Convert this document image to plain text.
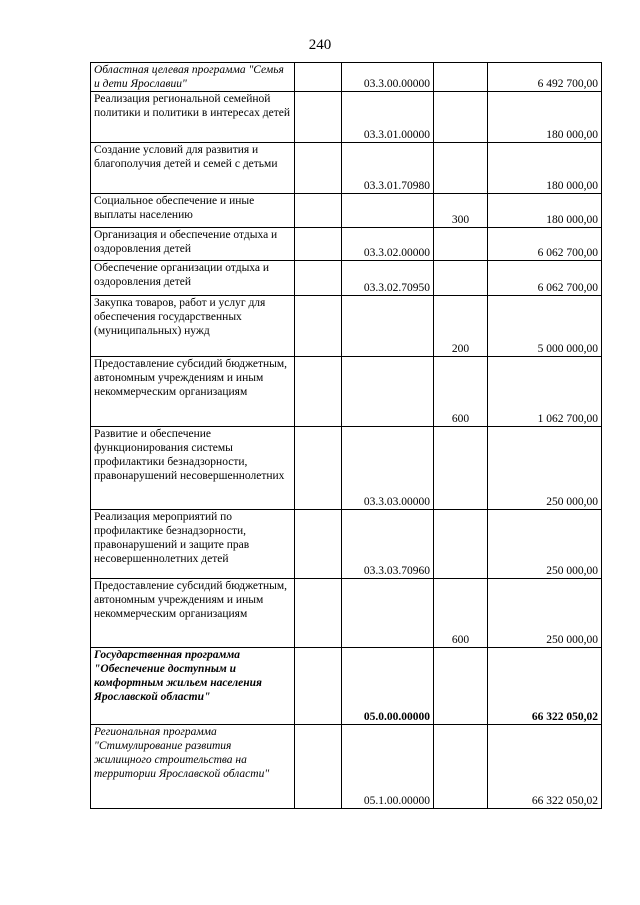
240
Областная целевая программа "Семья и дети Ярославии"		03.3.00.00000		6 492 700,00
Реализация региональной семейной политики и политики в интересах детей		03.3.01.00000		180 000,00
Создание условий для развития и благополучия детей и семей с детьми		03.3.01.70980		180 000,00
Социальное обеспечение и иные выплаты населению			300	180 000,00
Организация и обеспечение отдыха и оздоровления детей		03.3.02.00000		6 062 700,00
Обеспечение организации отдыха и оздоровления детей		03.3.02.70950		6 062 700,00
Закупка товаров, работ и услуг для обеспечения государственных (муниципальных) нужд			200	5 000 000,00
Предоставление субсидий бюджетным, автономным учреждениям и иным некоммерческим организациям			600	1 062 700,00
Развитие и обеспечение функционирования системы профилактики безнадзорности, правонарушений несовершеннолетних		03.3.03.00000		250 000,00
Реализация мероприятий по профилактике безнадзорности, правонарушений и защите прав несовершеннолетних детей		03.3.03.70960		250 000,00
Предоставление субсидий бюджетным, автономным учреждениям и иным некоммерческим организациям			600	250 000,00
Государственная программа "Обеспечение доступным и комфортным жильем населения Ярославской области"		05.0.00.00000		66 322 050,02
Региональная программа "Стимулирование развития жилищного строительства на территории Ярославской области"		05.1.00.00000		66 322 050,02
